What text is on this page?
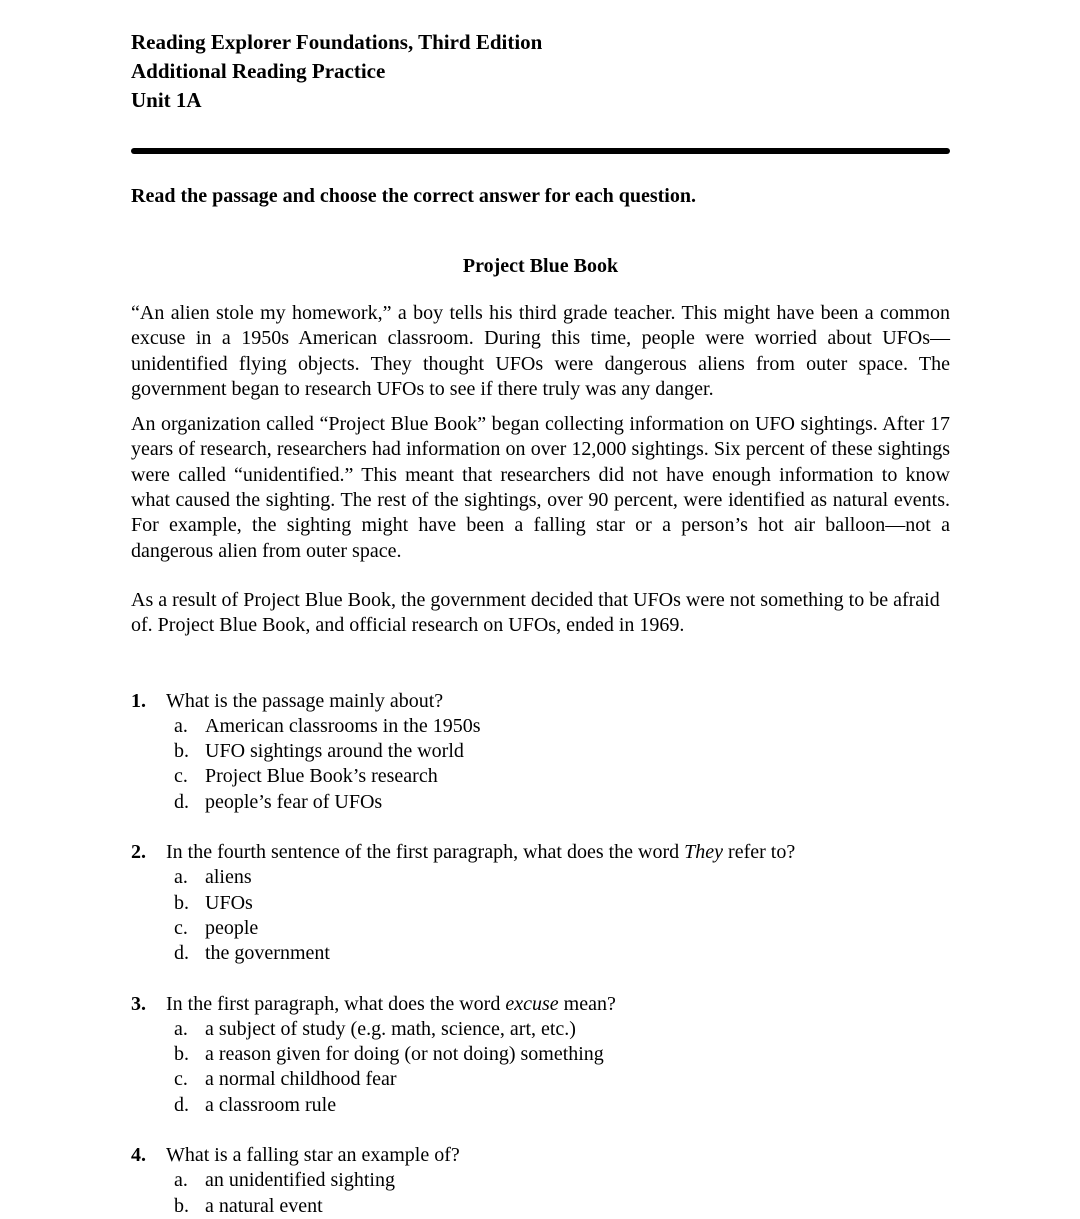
Reading Explorer Foundations, Third Edition
Additional Reading Practice
Unit 1A
Read the passage and choose the correct answer for each question.
Project Blue Book
“An alien stole my homework,” a boy tells his third grade teacher. This might have been a common excuse in a 1950s American classroom. During this time, people were worried about UFOs—unidentified flying objects. They thought UFOs were dangerous aliens from outer space. The government began to research UFOs to see if there truly was any danger.
An organization called “Project Blue Book” began collecting information on UFO sightings. After 17 years of research, researchers had information on over 12,000 sightings. Six percent of these sightings were called “unidentified.” This meant that researchers did not have enough information to know what caused the sighting. The rest of the sightings, over 90 percent, were identified as natural events. For example, the sighting might have been a falling star or a person’s hot air balloon—not a dangerous alien from outer space.
As a result of Project Blue Book, the government decided that UFOs were not something to be afraid of. Project Blue Book, and official research on UFOs, ended in 1969.
1.	What is the passage mainly about?
a. American classrooms in the 1950s
b. UFO sightings around the world
c. Project Blue Book’s research
d. people’s fear of UFOs
2.	In the fourth sentence of the first paragraph, what does the word They refer to?
a. aliens
b. UFOs
c. people
d. the government
3.	In the first paragraph, what does the word excuse mean?
a. a subject of study (e.g. math, science, art, etc.)
b. a reason given for doing (or not doing) something
c. a normal childhood fear
d. a classroom rule
4.	What is a falling star an example of?
a. an unidentified sighting
b. a natural event
